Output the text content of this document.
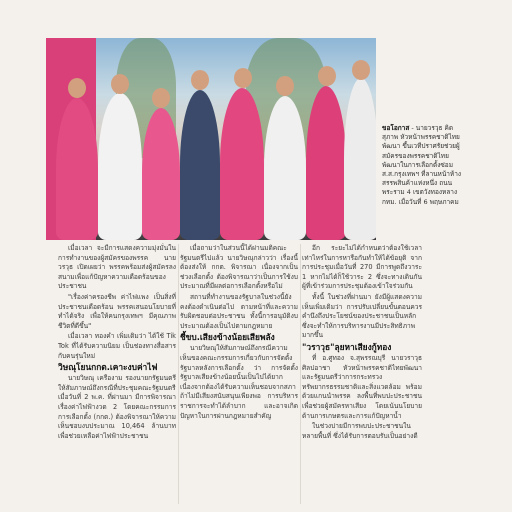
ขอโอกาส - นายวรวุธ คิดสุภาพ หัวหน้าพรรคชาติไทยพัฒนา ขึ้นเวทีปราศรัยช่วยผู้สมัครของพรรคชาติไทยพัฒนาในการเลือกตั้งซ่อม ส.ส.กรุงเทพฯ ที่ลานหน้าห้างสรรพสินค้าแห่งหนึ่ง ถนนพระราม 4 เขตวังทองหลาง กทม. เมื่อวันที่ 6 พฤษภาคม

เมื่อเวลา จะมีการแสดงความมุ่งมั่นในการทำงานของผู้สมัครของพรรค นายวรวุธ เปิดเผยว่า พรรคพร้อมส่งผู้สมัครลงสนามเพื่อแก้ปัญหาความเดือดร้อนของประชาชน

"เรื่องค่าครองชีพ ค่าไฟแพง เป็นสิ่งที่ประชาชนเดือดร้อน พรรคเสนอนโยบายที่ทำได้จริง เพื่อให้คนกรุงเทพฯ มีคุณภาพชีวิตที่ดีขึ้น"

เมื่อเวลา ทองคำ เพิ่มเติมว่า ได้ใช้ Tik Tok ที่ได้รับความนิยม เป็นช่องทางสื่อสารกับคนรุ่นใหม่

วิษณุโยนกกต.เคาะงบค่าไฟ

นายวิษณุ เครืองาม รองนายกรัฐมนตรี ให้สัมภาษณ์ถึงกรณีที่ประชุมคณะรัฐมนตรีเมื่อวันที่ 2 พ.ค. ที่ผ่านมา มีการพิจารณาเรื่องค่าไฟฟ้างวด 2 โดยคณะกรรมการการเลือกตั้ง (กกต.) ต้องพิจารณาให้ความเห็นชอบงบประมาณ 10,464 ล้านบาท เพื่อช่วยเหลือค่าไฟฟ้าประชาชน

เมื่อถามว่าในส่วนนี้ได้ผ่านมติคณะรัฐมนตรีไปแล้ว นายวิษณุกล่าวว่า เรื่องนี้ต้องส่งให้ กกต. พิจารณา เนื่องจากเป็นช่วงเลือกตั้ง ต้องพิจารณาว่าเป็นการใช้งบประมาณที่มีผลต่อการเลือกตั้งหรือไม่

สถานที่ทำงานของรัฐบาลในช่วงนี้ยังคงต้องดำเนินต่อไป ตามหน้าที่และความรับผิดชอบต่อประชาชน ทั้งนี้การอนุมัติงบประมาณต้องเป็นไปตามกฎหมาย

ชี้ขบ.เสียงข้างน้อยเสียพลัง

นายวิษณุให้สัมภาษณ์ถึงกรณีความเห็นของคณะกรรมการเกี่ยวกับการจัดตั้งรัฐบาลหลังการเลือกตั้ง ว่า การจัดตั้งรัฐบาลเสียงข้างน้อยนั้นเป็นไปได้ยาก เนื่องจากต้องได้รับความเห็นชอบจากสภา ถ้าไม่มีเสียงสนับสนุนเพียงพอ การบริหารราชการจะทำได้ลำบาก และอาจเกิดปัญหาในการผ่านกฎหมายสำคัญ

อีก ระยะไม่ได้กำหนดว่าต้องใช้เวลาเท่าไหร่ในการหารือกันทำให้ได้ข้อยุติ จากการประชุมเมื่อวันที่ 270 มีการพูดถึงวาระ 1 หากไม่ได้ก็ใช้วาระ 2 ซึ่งจะทางเดินกัน ผู้ที่เข้าร่วมการประชุมต้องเข้าใจร่วมกัน

ทั้งนี้ ในช่วงที่ผ่านมา ยังมีผู้แสดงความเห็นเพิ่มเติมว่า การปรับเปลี่ยนขั้นตอนควรคำนึงถึงประโยชน์ของประชาชนเป็นหลัก ซึ่งจะทำให้การบริหารงานมีประสิทธิภาพมากขึ้น

"วราวุธ"ลุยหาเสียงกู้ทอง

ที่ อ.ศูทอง จ.สุพรรณบุรี นายวราวุธ ศิลปอาชา หัวหน้าพรรคชาติไทยพัฒนา และรัฐมนตรีว่าการกระทรวงทรัพยากรธรรมชาติและสิ่งแวดล้อม พร้อมด้วยแกนนำพรรค ลงพื้นที่พบปะประชาชนเพื่อช่วยผู้สมัครหาเสียง โดยเน้นนโยบายด้านการเกษตรและการแก้ปัญหาน้ำ

ในช่วงบ่ายมีการพบปะประชาชนในหลายพื้นที่ ซึ่งได้รับการตอบรับเป็นอย่างดี
